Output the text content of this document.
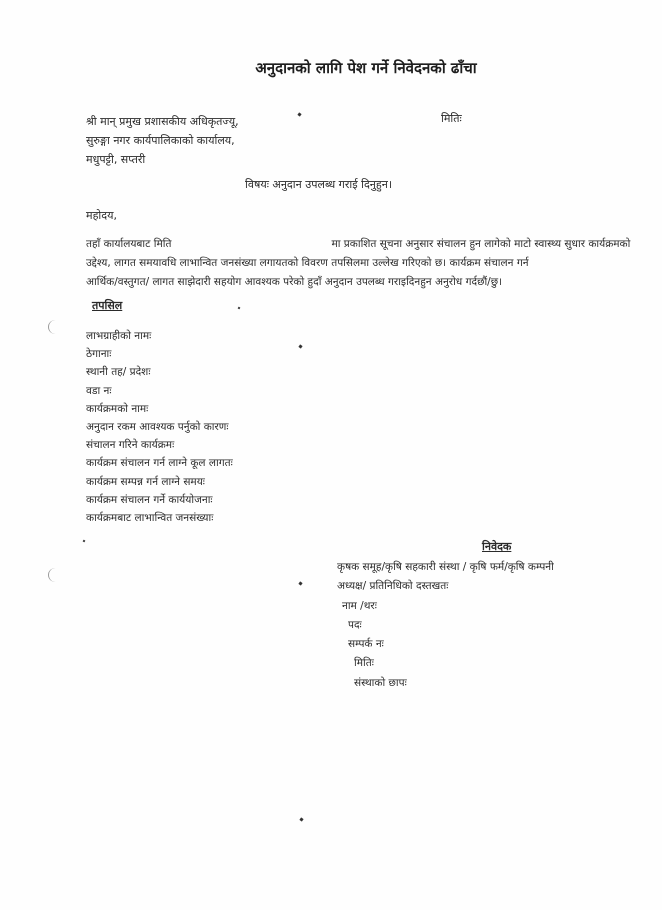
अनुदानको लागि पेश गर्ने निवेदनको ढाँचा
श्री मान् प्रमुख प्रशासकीय अधिकृतज्यू,
सुरुङ्गा नगर कार्यपालिकाको कार्यालय,
मधुपट्टी, सप्तरी
मितिः
विषयः अनुदान उपलब्ध गराई दिनुहुन।
महोदय,
तहाँ कार्यालयबाट मिति	मा प्रकाशित सूचना अनुसार संचालन हुन लागेको माटो स्वास्थ्य सुधार कार्यक्रमको
उद्देश्य, लागत समयावधि लाभान्वित जनसंख्या लगायतको विवरण तपसिलमा उल्लेख गरिएको छ। कार्यक्रम संचालन गर्न
आर्थिक/वस्तुगत/ लागत साझेदारी सहयोग आवश्यक परेको हुदाँ अनुदान उपलब्ध गराइदिनहुन अनुरोध गर्दछौं/छु।
तपसिल
लाभग्राहीको नामः
ठेगानाः
स्थानी तह/ प्रदेशः
वडा नः
कार्यक्रमको नामः
अनुदान रकम आवश्यक पर्नुको कारणः
संचालन गरिने कार्यक्रमः
कार्यक्रम संचालन गर्न लाग्ने कूल लागतः
कार्यक्रम सम्पन्न गर्न लाग्ने समयः
कार्यक्रम संचालन गर्ने कार्ययोजनाः
कार्यक्रमबाट लाभान्वित जनसंख्याः
निवेदक
कृषक समूह/कृषि सहकारी संस्था / कृषि फर्म/कृषि कम्पनी
अध्यक्ष/ प्रतिनिधिको दस्तखतः
नाम /थरः
पदः
सम्पर्क नः
मितिः
संस्थाको छापः
